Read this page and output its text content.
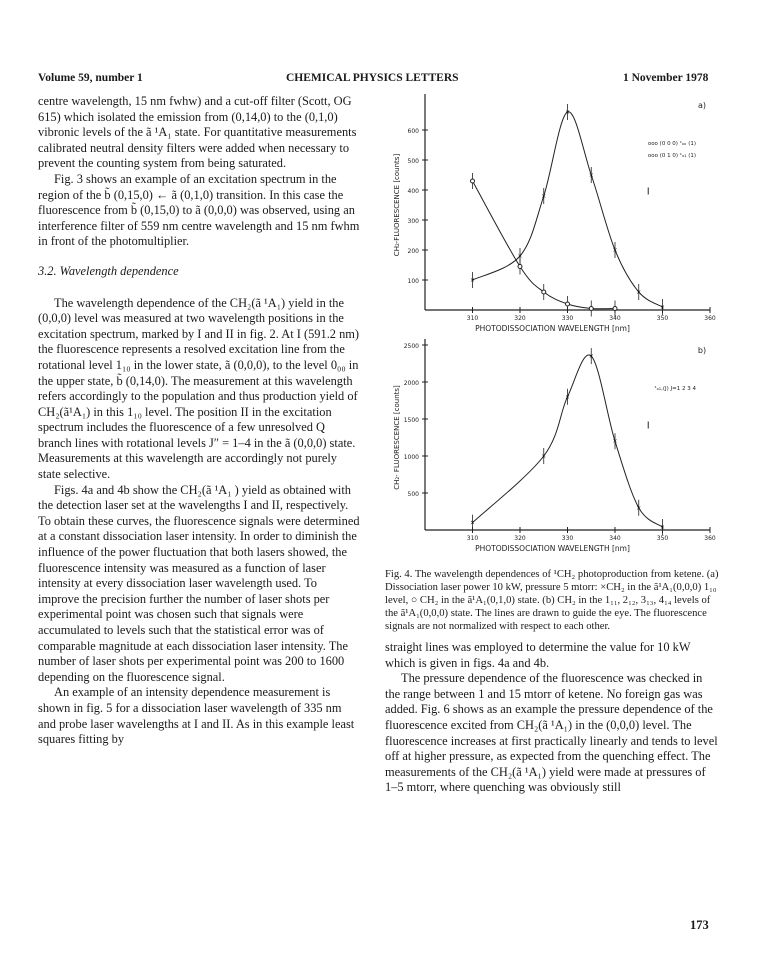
Volume 59, number 1	CHEMICAL PHYSICS LETTERS	1 November 1978

centre wavelength, 15 nm fwhw) and a cut-off filter (Scott, OG 615) which isolated the emission from (0,14,0) to the (0,1,0) vibronic levels of the ã ¹A₁ state. For quantitative measurements calibrated neutral density filters were added when necessary to prevent the counting system from being saturated.

Fig. 3 shows an example of an excitation spectrum in the region of the b̃ (0,15,0) ← ã (0,1,0) transition. In this case the fluorescence from b̃ (0,15,0) to ã (0,0,0) was observed, using an interference filter of 559 nm centre wavelength and 15 nm fwhm in front of the photomultiplier.

3.2. Wavelength dependence

The wavelength dependence of the CH₂(ã ¹A₁) yield in the (0,0,0) level was measured at two wavelength positions in the excitation spectrum, marked by I and II in fig. 2. At I (591.2 nm) the fluorescence represents a resolved excitation line from the rotational level 1₁₀ in the lower state, ã (0,0,0), to the level 0₀₀ in the upper state, b̃ (0,14,0). The measurement at this wavelength refers accordingly to the population and thus production yield of CH₂(ã¹A₁) in this 1₁₀ level. The position II in the excitation spectrum includes the fluorescence of a few unresolved Q branch lines with rotational levels J″ = 1–4 in the ã (0,0,0) state. Measurements at this wavelength are accordingly not purely state selective.

Figs. 4a and 4b show the CH₂(ã ¹A₁ ) yield as obtained with the detection laser set at the wavelengths I and II, respectively. To obtain these curves, the fluorescence signals were determined at a constant dissociation laser intensity. In order to diminish the influence of the power fluctuation that both lasers showed, the fluorescence intensity was measured as a function of laser intensity at every dissociation laser wavelength used. To improve the precision further the number of laser shots per experimental point was chosen such that signals were accumulated to levels such that the statistical error was of comparable magnitude at each dissociation laser intensity. The number of laser shots per experimental point was 200 to 1600 depending on the fluorescence signal.

An example of an intensity dependence measurement is shown in fig. 5 for a dissociation laser wavelength of 335 nm and probe laser wavelengths at I and II. As in this example least squares fitting by

100
200
300
400
500
600
310	320	330	340	350	360
PHOTODISSOCIATION WAVELENGTH [nm]
CH₂-FLUORESCENCE [counts]
a)
ooo (0 0 0) ¹ₒₒ (1)
ooo (0 1 0) ¹ₒ₁ (1)
I
×
×
×
×
×
×
×
×
500
1000
1500
2000
2500
310	320	330	340	350	360
PHOTODISSOCIATION WAVELENGTH [nm]
CH₂- FLUORESCENCE [counts]
b)
¹ₒ₁,(J) J=1 2 3 4
I
×
×
×
×
×
×
×

Fig. 4. The wavelength dependences of ¹CH₂ photoproduction from ketene. (a) Dissociation laser power 10 kW, pressure 5 mtorr: ×CH₂ in the ã¹A₁(0,0,0) 1₁₀ level, ○ CH₂ in the ã¹A₁(0,1,0) state. (b) CH₂ in the 1₁₁, 2₁₂, 3₁₃, 4₁₄ levels of the ã¹A₁(0,0,0) state. The lines are drawn to guide the eye. The fluorescence signals are not normalized with respect to each other.

straight lines was employed to determine the value for 10 kW which is given in figs. 4a and 4b.

The pressure dependence of the fluorescence was checked in the range between 1 and 15 mtorr of ketene. No foreign gas was added. Fig. 6 shows as an example the pressure dependence of the fluorescence excited from CH₂(ã ¹A₁) in the (0,0,0) level. The fluorescence increases at first practically linearly and tends to level off at higher pressure, as expected from the quenching effect. The measurements of the CH₂(ã ¹A₁) yield were made at pressures of 1–5 mtorr, where quenching was obviously still

173
